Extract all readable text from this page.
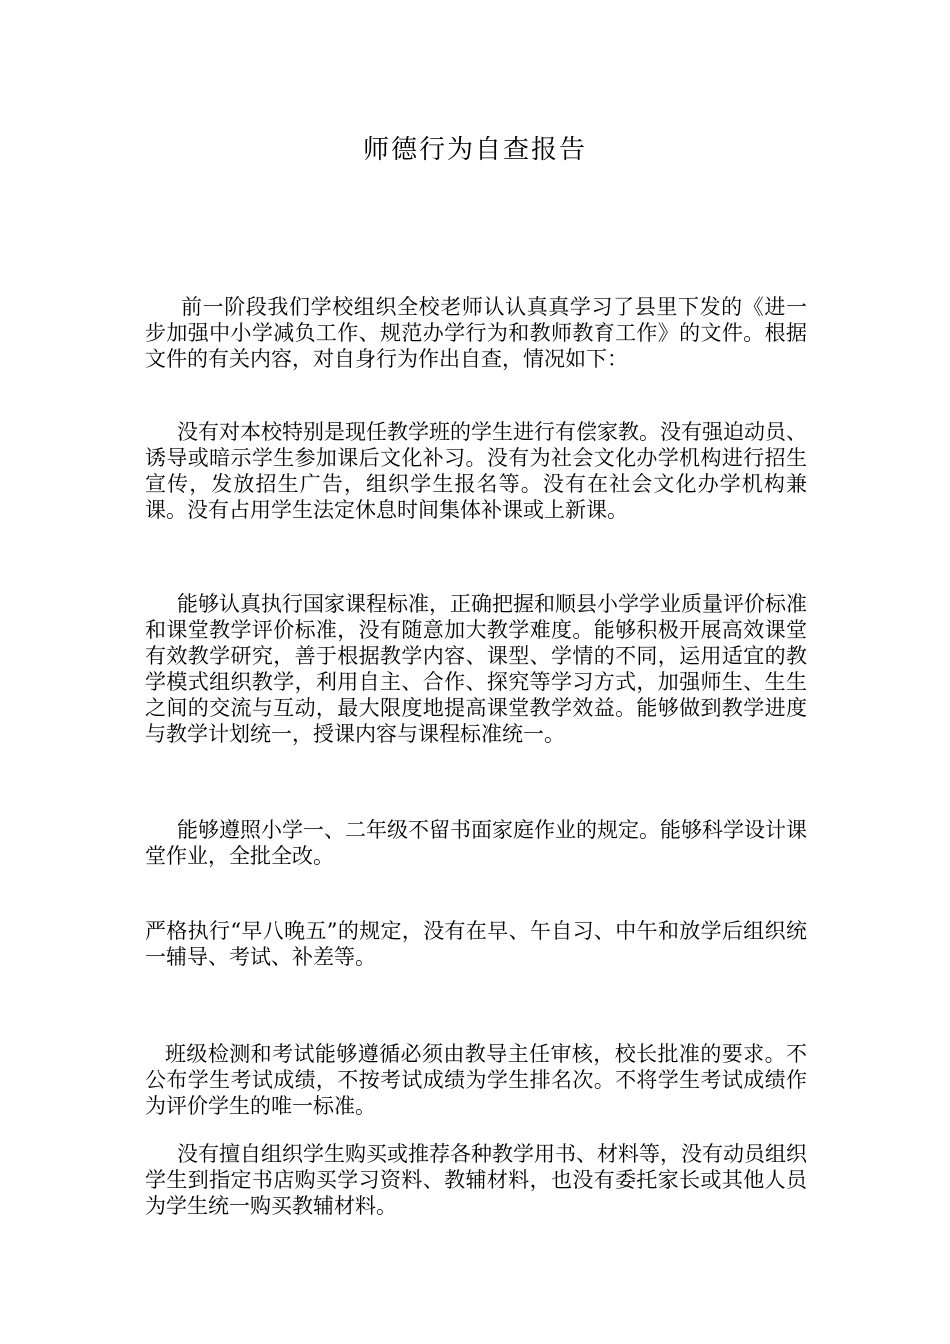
师德行为自查报告

前一阶段我们学校组织全校老师认认真真学习了县里下发的《进一步加强中小学减负工作、规范办学行为和教师教育工作》的文件。根据文件的有关内容，对自身行为作出自查，情况如下：

没有对本校特别是现任教学班的学生进行有偿家教。没有强迫动员、诱导或暗示学生参加课后文化补习。没有为社会文化办学机构进行招生宣传，发放招生广告，组织学生报名等。没有在社会文化办学机构兼课。没有占用学生法定休息时间集体补课或上新课。

能够认真执行国家课程标准，正确把握和顺县小学学业质量评价标准和课堂教学评价标准，没有随意加大教学难度。能够积极开展高效课堂有效教学研究，善于根据教学内容、课型、学情的不同，运用适宜的教学模式组织教学，利用自主、合作、探究等学习方式，加强师生、生生之间的交流与互动，最大限度地提高课堂教学效益。能够做到教学进度与教学计划统一，授课内容与课程标准统一。

能够遵照小学一、二年级不留书面家庭作业的规定。能够科学设计课堂作业，全批全改。

严格执行“早八晚五”的规定，没有在早、午自习、中午和放学后组织统一辅导、考试、补差等。

班级检测和考试能够遵循必须由教导主任审核，校长批准的要求。不公布学生考试成绩，不按考试成绩为学生排名次。不将学生考试成绩作为评价学生的唯一标准。

没有擅自组织学生购买或推荐各种教学用书、材料等，没有动员组织学生到指定书店购买学习资料、教辅材料，也没有委托家长或其他人员为学生统一购买教辅材料。
